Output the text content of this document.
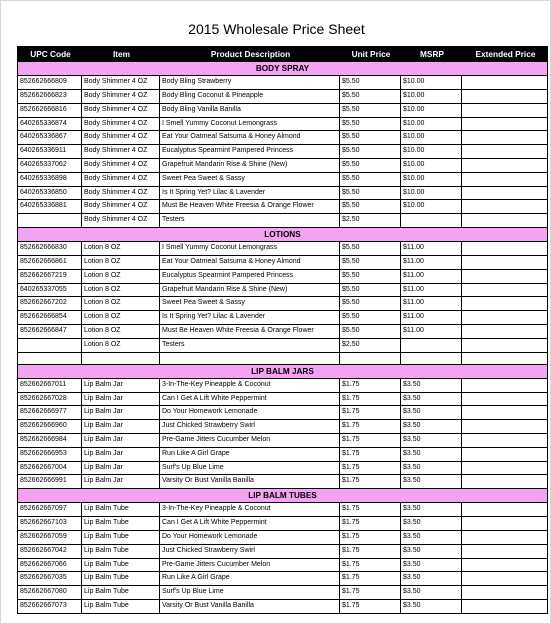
2015 Wholesale Price Sheet
UPC Code	Item	Product Description	Unit Price	MSRP	Extended Price
BODY SPRAY					
852662666809	Body Shimmer 4 OZ	Body Bling Strawberry	$5.50	$10.00	
852662666823	Body Shimmer 4 OZ	Body Bling Coconut & Pineapple	$5.50	$10.00	
852662666816	Body Shimmer 4 OZ	Body Bling Vanilla Banilla	$5.50	$10.00	
640265336874	Body Shimmer 4 OZ	I Smell Yummy Coconut Lemongrass	$5.50	$10.00	
640265336867	Body Shimmer 4 OZ	Eat Your Oatmeal Satsuma & Honey Almond	$5.50	$10.00	
640265336911	Body Shimmer 4 OZ	Eucalyptus Spearmint Pampered Princess	$5.50	$10.00	
640265337062	Body Shimmer 4 OZ	Grapefruit Mandarin Rise & Shine (New)	$5.50	$10.00	
640265336898	Body Shimmer 4 OZ	Sweet Pea Sweet & Sassy	$5.50	$10.00	
640265336850	Body Shimmer 4 OZ	Is It Spring Yet? Lilac & Lavender	$5.50	$10.00	
640265336881	Body Shimmer 4 OZ	Must Be Heaven White Freesia & Orange Flower	$5.50	$10.00	
	Body Shimmer 4 OZ	Testers	$2.50		
LOTIONS					
852662666830	Lotion 8 OZ	I Smell Yummy Coconut Lemongrass	$5.50	$11.00	
852662666861	Lotion 8 OZ	Eat Your Oatmeal Satsuma & Honey Almond	$5.50	$11.00	
852662667219	Lotion 8 OZ	Eucalyptus Spearmint Pampered Princess	$5.50	$11.00	
640265337055	Lotion 8 OZ	Grapefruit Mandarin Rise & Shine (New)	$5.50	$11.00	
852662667202	Lotion 8 OZ	Sweet Pea Sweet & Sassy	$5.50	$11.00	
852662666854	Lotion 8 OZ	Is It Spring Yet? Lilac & Lavender	$5.50	$11.00	
852662666847	Lotion 8 OZ	Must Be Heaven White Freesia & Orange Flower	$5.50	$11.00	
	Lotion 8 OZ	Testers	$2.50		

LIP BALM JARS					
852662667011	Lip Balm Jar	3-In-The-Key Pineapple & Coconut	$1.75	$3.50	
852662667028	Lip Balm Jar	Can I Get A Lift White Peppermint	$1.75	$3.50	
852662666977	Lip Balm Jar	Do Your Homework Lemonade	$1.75	$3.50	
852662666960	Lip Balm Jar	Just Chicked Strawberry Swirl	$1.75	$3.50	
852662666984	Lip Balm Jar	Pre-Game Jitters Cucumber Melon	$1.75	$3.50	
852662666953	Lip Balm Jar	Run Like A Girl Grape	$1.75	$3.50	
852662667004	Lip Balm Jar	Surf's Up Blue Lime	$1.75	$3.50	
852662666991	Lip Balm Jar	Varsity Or Bust Vanilla Banilla	$1.75	$3.50	
LIP BALM TUBES					
852662667097	Lip Balm Tube	3-In-The-Key Pineapple & Coconut	$1.75	$3.50	
852662667103	Lip Balm Tube	Can I Get A Lift White Peppermint	$1.75	$3.50	
852662667059	Lip Balm Tube	Do Your Homework Lemonade	$1.75	$3.50	
852662667042	Lip Balm Tube	Just Chicked Strawberry Swirl	$1.75	$3.50	
852662667066	Lip Balm Tube	Pre-Game Jitters Cucumber Melon	$1.75	$3.50	
852662667035	Lip Balm Tube	Run Like A Girl Grape	$1.75	$3.50	
852662667080	Lip Balm Tube	Surf's Up Blue Lime	$1.75	$3.50	
852662667073	Lip Balm Tube	Varsity Or Bust Vanilla Banilla	$1.75	$3.50	
